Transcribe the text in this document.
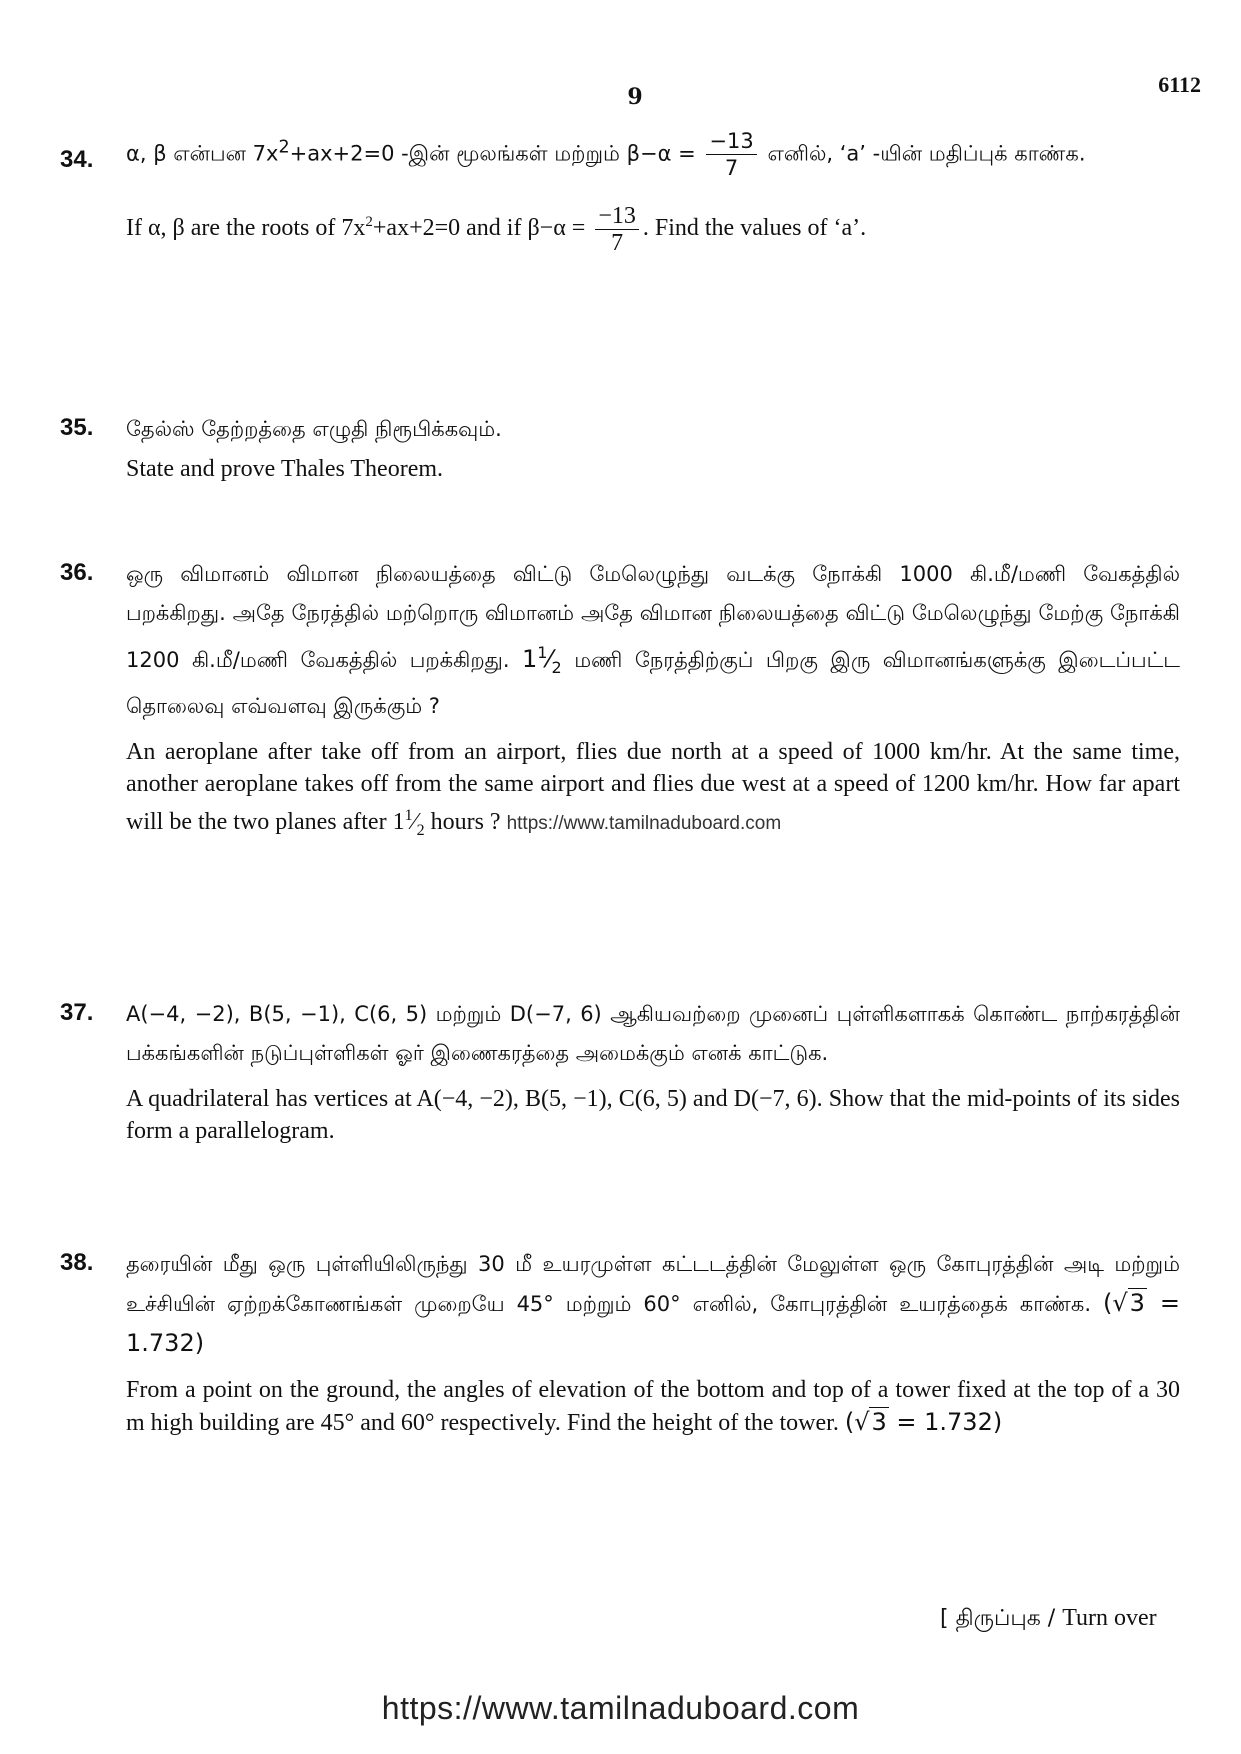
9	6112
34.	α, β என்பன $7x^2+ax+2=0$ -இன் மூலங்கள் மற்றும் $\beta-\alpha = \frac{-13}{7}$ எனில், ‘a’ -யின் மதிப்புக் காண்க.
If α, β are the roots of $7x^2+ax+2=0$ and if $\beta-\alpha = \frac{-13}{7}$ . Find the values of ‘a’.
35.	தேல்ஸ் தேற்றத்தை எழுதி நிரூபிக்கவும்.
State and prove Thales Theorem.
36.	ஒரு விமானம் விமான நிலையத்தை விட்டு மேலெழுந்து வடக்கு நோக்கி 1000 கி.மீ/மணி வேகத்தில் பறக்கிறது. அதே நேரத்தில் மற்றொரு விமானம் அதே விமான நிலையத்தை விட்டு மேலெழுந்து மேற்கு நோக்கி 1200 கி.மீ/மணி வேகத்தில் பறக்கிறது. $1^1⁄_2$ மணி நேரத்திற்குப் பிறகு இரு விமானங்களுக்கு இடைப்பட்ட தொலைவு எவ்வளவு இருக்கும் ?
An aeroplane after take off from an airport, flies due north at a speed of 1000 km/hr. At the same time, another aeroplane takes off from the same airport and flies due west at a speed of 1200 km/hr. How far apart will be the two planes after $1^1⁄_2$ hours ? https://www.tamilnaduboard.com
37.	A(−4, −2), B(5, −1), C(6, 5) மற்றும் D(−7, 6) ஆகியவற்றை முனைப் புள்ளிகளாகக் கொண்ட நாற்கரத்தின் பக்கங்களின் நடுப்புள்ளிகள் ஓர் இணைகரத்தை அமைக்கும் எனக் காட்டுக.
A quadrilateral has vertices at A(−4, −2), B(5, −1), C(6, 5) and D(−7, 6). Show that the mid-points of its sides form a parallelogram.
38.	தரையின் மீது ஒரு புள்ளியிலிருந்து 30 மீ உயரமுள்ள கட்டடத்தின் மேலுள்ள ஒரு கோபுரத்தின் அடி மற்றும் உச்சியின் ஏற்றக்கோணங்கள் முறையே 45° மற்றும் 60° எனில், கோபுரத்தின் உயரத்தைக் காண்க. (√3 = 1.732)
From a point on the ground, the angles of elevation of the bottom and top of a tower fixed at the top of a 30 m high building are 45° and 60° respectively. Find the height of the tower. (√3 = 1.732)
[ திருப்புக / Turn over
https://www.tamilnaduboard.com
